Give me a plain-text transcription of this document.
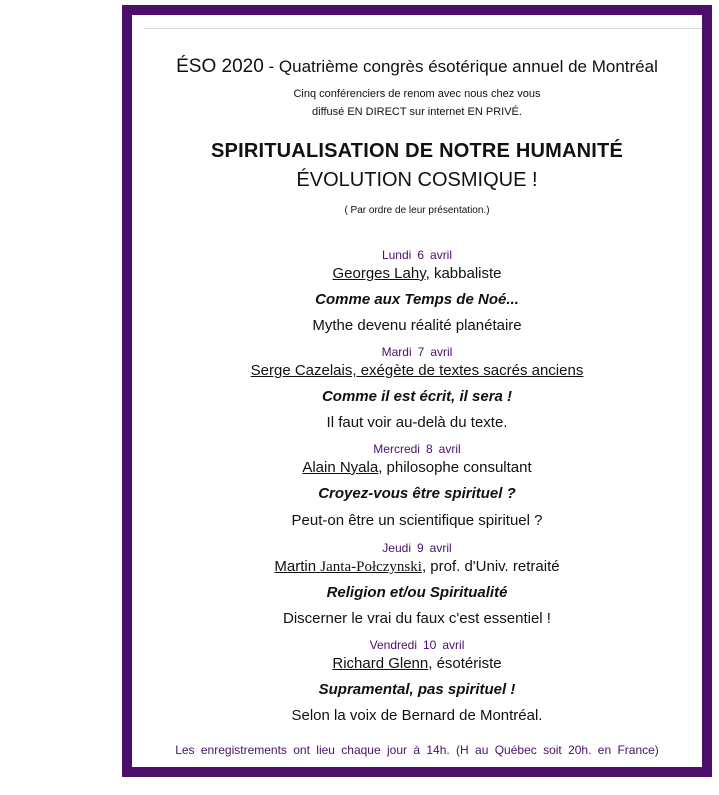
ÉSO 2020 - Quatrième congrès ésotérique annuel de Montréal
Cinq conférenciers de renom avec nous chez vous
diffusé EN DIRECT sur internet EN PRIVÉ.
SPIRITUALISATION DE NOTRE HUMANITÉ
ÉVOLUTION COSMIQUE !
( Par ordre de leur présentation.)
Lundi 6 avril
Georges Lahy, kabbaliste
Comme aux Temps de Noé...
Mythe devenu réalité planétaire
Mardi 7 avril
Serge Cazelais, exégète de textes sacrés anciens
Comme il est écrit, il sera !
Il faut voir au-delà du texte.
Mercredi 8 avril
Alain Nyala, philosophe consultant
Croyez-vous être spirituel ?
Peut-on être un scientifique spirituel ?
Jeudi 9 avril
Martin Janta-Połczynski, prof. d'Univ. retraité
Religion et/ou Spiritualité
Discerner le vrai du faux c'est essentiel !
Vendredi 10 avril
Richard Glenn, ésotériste
Supramental, pas spirituel !
Selon la voix de Bernard de Montréal.
Les enregistrements ont lieu chaque jour à 14h. (H au Québec soit 20h. en France)
